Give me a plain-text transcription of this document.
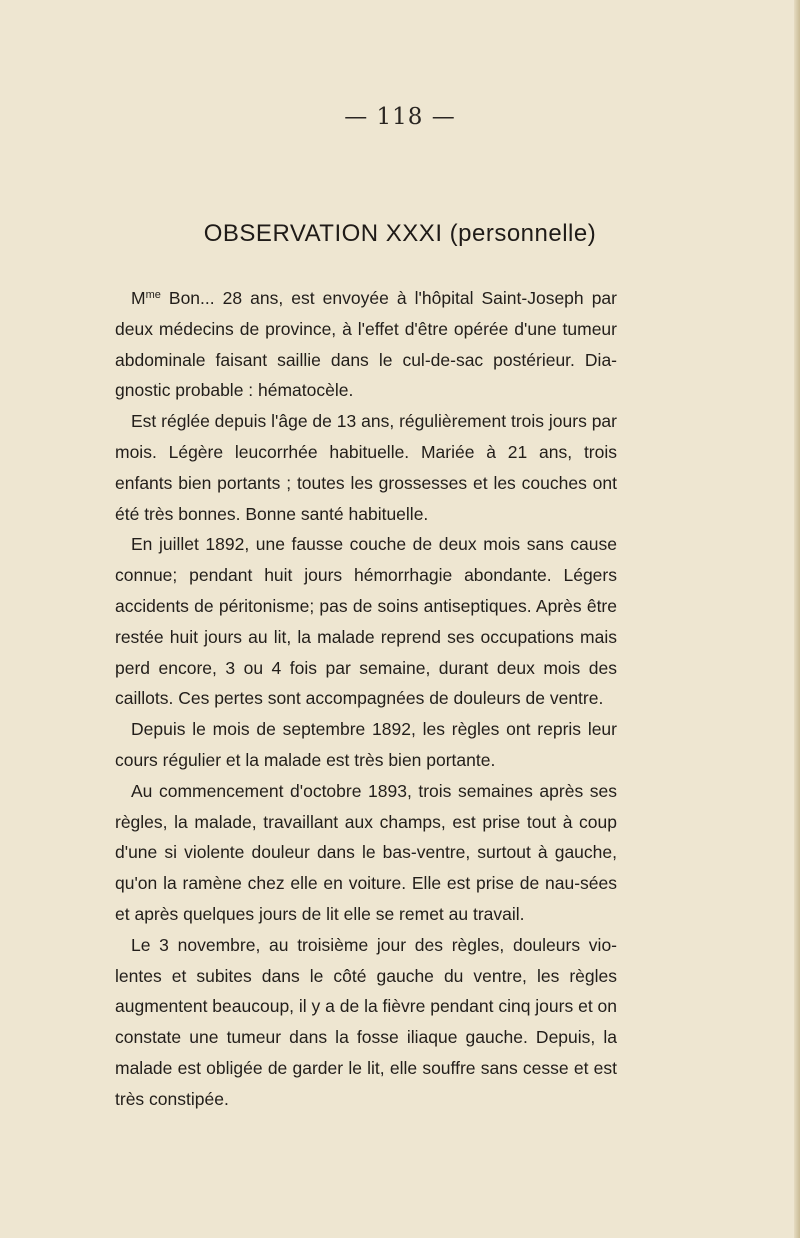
— 118 —
OBSERVATION XXXI (personnelle)

$M^{me}$ Bon... 28 ans, est envoyée à l'hôpital Saint-Joseph par deux médecins de province, à l'effet d'être opérée d'une tumeur abdominale faisant saillie dans le cul-de-sac postérieur. Dia-gnostic probable : hématocèle.

Est réglée depuis l'âge de 13 ans, régulièrement trois jours par mois. Légère leucorrhée habituelle. Mariée à 21 ans, trois enfants bien portants ; toutes les grossesses et les couches ont été très bonnes. Bonne santé habituelle.

En juillet 1892, une fausse couche de deux mois sans cause connue; pendant huit jours hémorrhagie abondante. Légers accidents de péritonisme; pas de soins antiseptiques. Après être restée huit jours au lit, la malade reprend ses occupations mais perd encore, 3 ou 4 fois par semaine, durant deux mois des caillots. Ces pertes sont accompagnées de douleurs de ventre.

Depuis le mois de septembre 1892, les règles ont repris leur cours régulier et la malade est très bien portante.

Au commencement d'octobre 1893, trois semaines après ses règles, la malade, travaillant aux champs, est prise tout à coup d'une si violente douleur dans le bas-ventre, surtout à gauche, qu'on la ramène chez elle en voiture. Elle est prise de nau-sées et après quelques jours de lit elle se remet au travail.

Le 3 novembre, au troisième jour des règles, douleurs vio-lentes et subites dans le côté gauche du ventre, les règles augmentent beaucoup, il y a de la fièvre pendant cinq jours et on constate une tumeur dans la fosse iliaque gauche. Depuis, la malade est obligée de garder le lit, elle souffre sans cesse et est très constipée.
